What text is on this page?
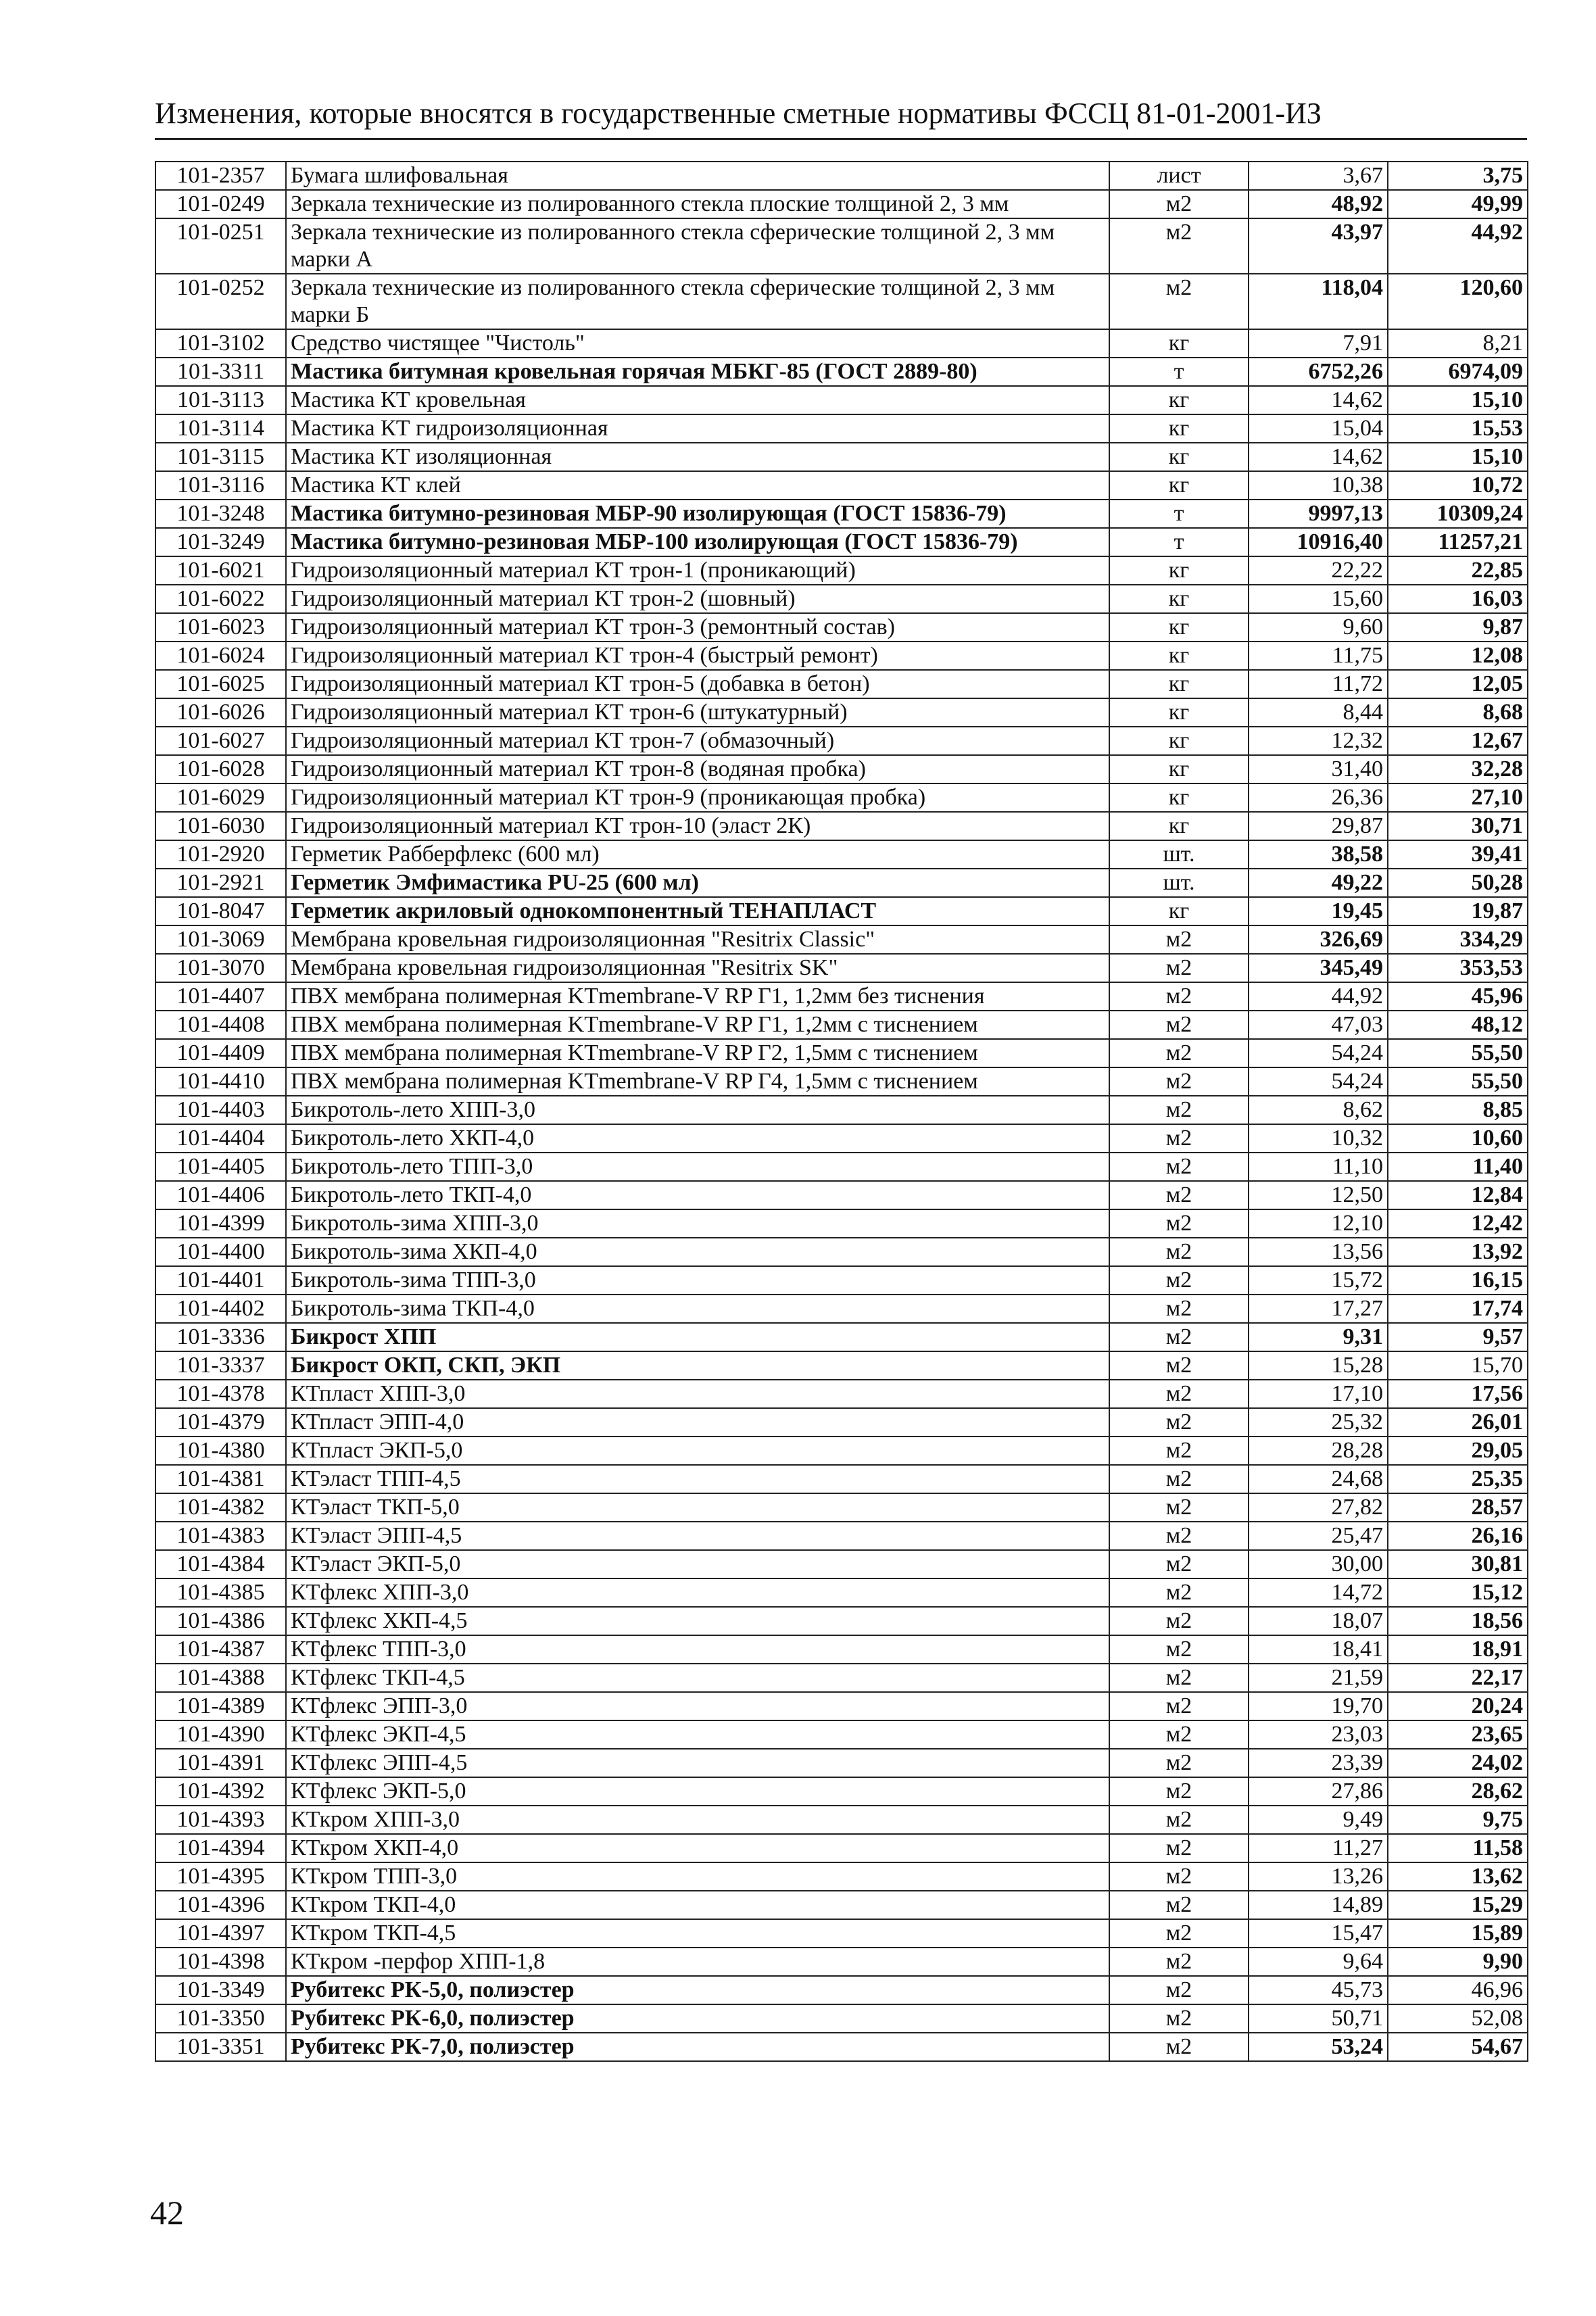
Изменения, которые вносятся в государственные сметные нормативы ФССЦ 81-01-2001-ИЗ
101-2357	Бумага шлифовальная	лист	3,67	3,75
101-0249	Зеркала технические из полированного стекла плоские толщиной 2, 3 мм	м2	48,92	49,99
101-0251	Зеркала технические из полированного стекла сферические толщиной 2, 3 мм марки А	м2	43,97	44,92
101-0252	Зеркала технические из полированного стекла сферические толщиной 2, 3 мм марки Б	м2	118,04	120,60
101-3102	Средство чистящее "Чистоль"	кг	7,91	8,21
101-3311	Мастика битумная кровельная горячая МБКГ-85 (ГОСТ 2889-80)	т	6752,26	6974,09
101-3113	Мастика КТ кровельная	кг	14,62	15,10
101-3114	Мастика КТ гидроизоляционная	кг	15,04	15,53
101-3115	Мастика КТ изоляционная	кг	14,62	15,10
101-3116	Мастика КТ клей	кг	10,38	10,72
101-3248	Мастика битумно-резиновая МБР-90 изолирующая (ГОСТ 15836-79)	т	9997,13	10309,24
101-3249	Мастика битумно-резиновая МБР-100 изолирующая (ГОСТ 15836-79)	т	10916,40	11257,21
101-6021	Гидроизоляционный материал КТ трон-1 (проникающий)	кг	22,22	22,85
101-6022	Гидроизоляционный материал КТ трон-2 (шовный)	кг	15,60	16,03
101-6023	Гидроизоляционный материал КТ трон-3 (ремонтный состав)	кг	9,60	9,87
101-6024	Гидроизоляционный материал КТ трон-4 (быстрый ремонт)	кг	11,75	12,08
101-6025	Гидроизоляционный материал КТ трон-5 (добавка в бетон)	кг	11,72	12,05
101-6026	Гидроизоляционный материал КТ трон-6 (штукатурный)	кг	8,44	8,68
101-6027	Гидроизоляционный материал КТ трон-7 (обмазочный)	кг	12,32	12,67
101-6028	Гидроизоляционный материал КТ трон-8 (водяная пробка)	кг	31,40	32,28
101-6029	Гидроизоляционный материал КТ трон-9 (проникающая пробка)	кг	26,36	27,10
101-6030	Гидроизоляционный материал КТ трон-10 (эласт 2К)	кг	29,87	30,71
101-2920	Герметик Рабберфлекс (600 мл)	шт.	38,58	39,41
101-2921	Герметик Эмфимастика PU-25 (600 мл)	шт.	49,22	50,28
101-8047	Герметик акриловый однокомпонентный ТЕНАПЛАСТ	кг	19,45	19,87
101-3069	Мембрана кровельная гидроизоляционная "Resitrix Classic"	м2	326,69	334,29
101-3070	Мембрана кровельная гидроизоляционная "Resitrix SK"	м2	345,49	353,53
101-4407	ПВХ мембрана полимерная KTmembrane-V RP Г1, 1,2мм без тиснения	м2	44,92	45,96
101-4408	ПВХ мембрана полимерная KTmembrane-V RP Г1, 1,2мм с тиснением	м2	47,03	48,12
101-4409	ПВХ мембрана полимерная KTmembrane-V RP Г2, 1,5мм с тиснением	м2	54,24	55,50
101-4410	ПВХ мембрана полимерная KTmembrane-V RP Г4, 1,5мм с тиснением	м2	54,24	55,50
101-4403	Бикротоль-лето ХПП-3,0	м2	8,62	8,85
101-4404	Бикротоль-лето ХКП-4,0	м2	10,32	10,60
101-4405	Бикротоль-лето ТПП-3,0	м2	11,10	11,40
101-4406	Бикротоль-лето ТКП-4,0	м2	12,50	12,84
101-4399	Бикротоль-зима ХПП-3,0	м2	12,10	12,42
101-4400	Бикротоль-зима ХКП-4,0	м2	13,56	13,92
101-4401	Бикротоль-зима ТПП-3,0	м2	15,72	16,15
101-4402	Бикротоль-зима ТКП-4,0	м2	17,27	17,74
101-3336	Бикрост ХПП	м2	9,31	9,57
101-3337	Бикрост ОКП, СКП, ЭКП	м2	15,28	15,70
101-4378	КТпласт ХПП-3,0	м2	17,10	17,56
101-4379	КТпласт ЭПП-4,0	м2	25,32	26,01
101-4380	КТпласт ЭКП-5,0	м2	28,28	29,05
101-4381	КТэласт ТПП-4,5	м2	24,68	25,35
101-4382	КТэласт ТКП-5,0	м2	27,82	28,57
101-4383	КТэласт ЭПП-4,5	м2	25,47	26,16
101-4384	КТэласт ЭКП-5,0	м2	30,00	30,81
101-4385	КТфлекс ХПП-3,0	м2	14,72	15,12
101-4386	КТфлекс ХКП-4,5	м2	18,07	18,56
101-4387	КТфлекс ТПП-3,0	м2	18,41	18,91
101-4388	КТфлекс ТКП-4,5	м2	21,59	22,17
101-4389	КТфлекс ЭПП-3,0	м2	19,70	20,24
101-4390	КТфлекс ЭКП-4,5	м2	23,03	23,65
101-4391	КТфлекс ЭПП-4,5	м2	23,39	24,02
101-4392	КТфлекс ЭКП-5,0	м2	27,86	28,62
101-4393	КТкром ХПП-3,0	м2	9,49	9,75
101-4394	КТкром ХКП-4,0	м2	11,27	11,58
101-4395	КТкром ТПП-3,0	м2	13,26	13,62
101-4396	КТкром ТКП-4,0	м2	14,89	15,29
101-4397	КТкром ТКП-4,5	м2	15,47	15,89
101-4398	КТкром -перфор ХПП-1,8	м2	9,64	9,90
101-3349	Рубитекс РК-5,0, полиэстер	м2	45,73	46,96
101-3350	Рубитекс РК-6,0, полиэстер	м2	50,71	52,08
101-3351	Рубитекс РК-7,0, полиэстер	м2	53,24	54,67
42
